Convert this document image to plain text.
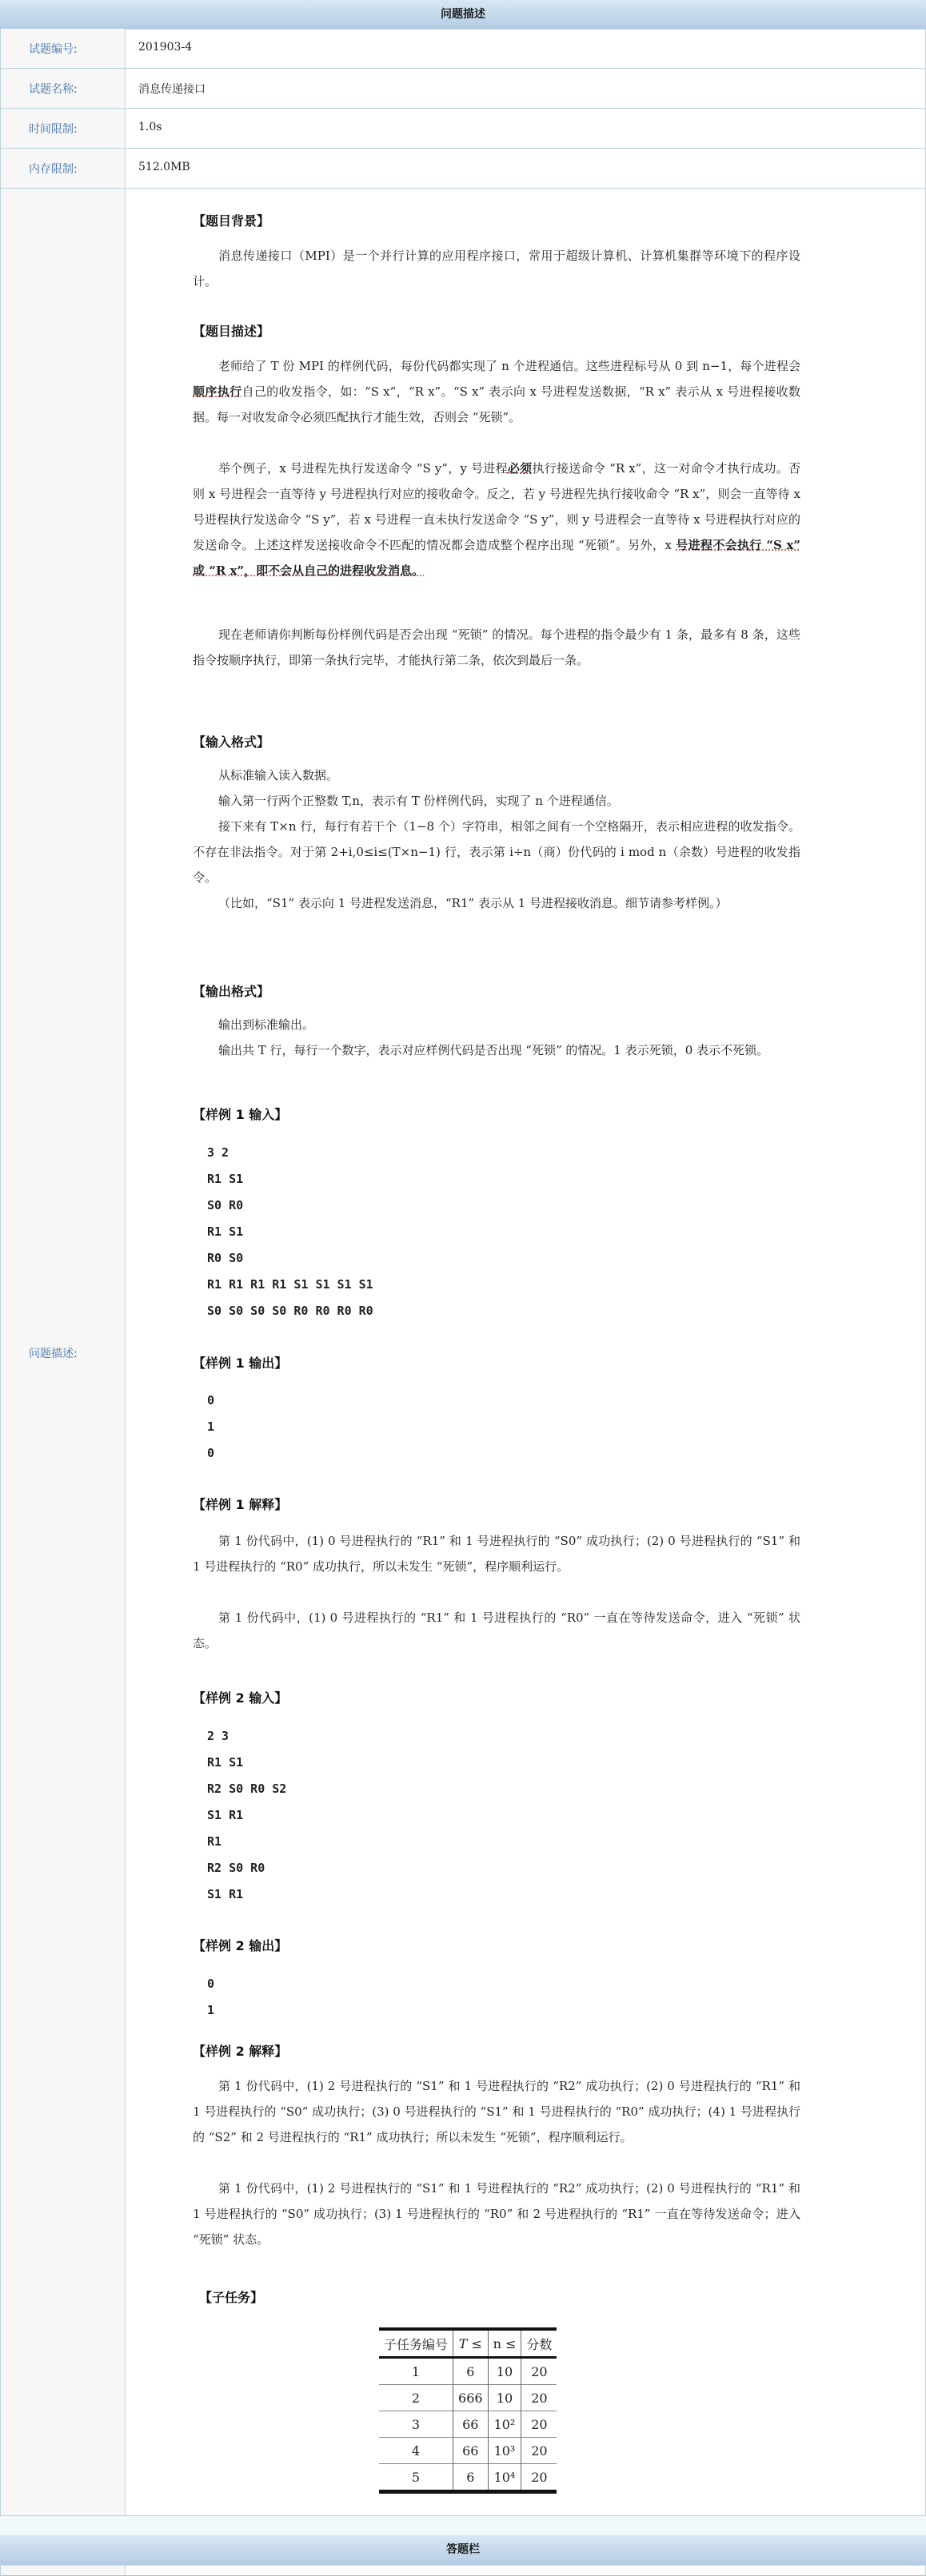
问题描述
试题编号:	201903-4
试题名称:	消息传递接口
时间限制:	1.0s
内存限制:	512.0MB
问题描述:
【题目背景】
消息传递接口（MPI）是一个并行计算的应用程序接口，常用于超级计算机、计算机集群等环境下的程序设计。
【题目描述】
老师给了 T 份 MPI 的样例代码，每份代码都实现了 n 个进程通信。这些进程标号从 0 到 n−1，每个进程会顺序执行自己的收发指令，如：“S x”，“R x”。“S x” 表示向 x 号进程发送数据，“R x” 表示从 x 号进程接收数据。每一对收发命令必须匹配执行才能生效，否则会 “死锁”。
举个例子，x 号进程先执行发送命令 “S y”，y 号进程必须执行接送命令 “R x”，这一对命令才执行成功。否则 x 号进程会一直等待 y 号进程执行对应的接收命令。反之，若 y 号进程先执行接收命令 “R x”，则会一直等待 x 号进程执行发送命令 “S y”，若 x 号进程一直未执行发送命令 “S y”，则 y 号进程会一直等待 x 号进程执行对应的发送命令。上述这样发送接收命令不匹配的情况都会造成整个程序出现 “死锁”。另外，x 号进程不会执行 “S x” 或 “R x”，即不会从自己的进程收发消息。
现在老师请你判断每份样例代码是否会出现 “死锁” 的情况。每个进程的指令最少有 1 条，最多有 8 条，这些指令按顺序执行，即第一条执行完毕，才能执行第二条，依次到最后一条。
【输入格式】
从标准输入读入数据。
输入第一行两个正整数 T,n，表示有 T 份样例代码，实现了 n 个进程通信。
接下来有 T×n 行，每行有若干个（1−8 个）字符串，相邻之间有一个空格隔开，表示相应进程的收发指令。不存在非法指令。对于第 2+i,0≤i≤(T×n−1) 行，表示第 i÷n（商）份代码的 i mod n（余数）号进程的收发指令。
（比如，“S1” 表示向 1 号进程发送消息，“R1” 表示从 1 号进程接收消息。细节请参考样例。）
【输出格式】
输出到标准输出。
输出共 T 行，每行一个数字，表示对应样例代码是否出现 “死锁” 的情况。1 表示死锁，0 表示不死锁。
【样例 1 输入】
3 2
R1 S1
S0 R0
R1 S1
R0 S0
R1 R1 R1 R1 S1 S1 S1 S1
S0 S0 S0 S0 R0 R0 R0 R0
【样例 1 输出】
0
1
0
【样例 1 解释】
第 1 份代码中，(1) 0 号进程执行的 “R1” 和 1 号进程执行的 “S0” 成功执行；(2) 0 号进程执行的 “S1” 和 1 号进程执行的 “R0” 成功执行，所以未发生 “死锁”，程序顺利运行。
第 1 份代码中，(1) 0 号进程执行的 “R1” 和 1 号进程执行的 “R0” 一直在等待发送命令，进入 “死锁” 状态。
【样例 2 输入】
2 3
R1 S1
R2 S0 R0 S2
S1 R1
R1
R2 S0 R0
S1 R1
【样例 2 输出】
0
1
【样例 2 解释】
第 1 份代码中，(1) 2 号进程执行的 “S1” 和 1 号进程执行的 “R2” 成功执行；(2) 0 号进程执行的 “R1” 和 1 号进程执行的 “S0” 成功执行；(3) 0 号进程执行的 “S1” 和 1 号进程执行的 “R0” 成功执行；(4) 1 号进程执行的 “S2” 和 2 号进程执行的 “R1” 成功执行；所以未发生 “死锁”，程序顺利运行。
第 1 份代码中，(1) 2 号进程执行的 “S1” 和 1 号进程执行的 “R2” 成功执行；(2) 0 号进程执行的 “R1” 和 1 号进程执行的 “S0” 成功执行；(3) 1 号进程执行的 “R0” 和 2 号进程执行的 “R1” 一直在等待发送命令；进入 “死锁” 状态。
【子任务】
子任务编号	T ≤	n ≤	分数
1	6	10	20
2	666	10	20
3	66	10²	20
4	66	10³	20
5	6	10⁴	20
答题栏
